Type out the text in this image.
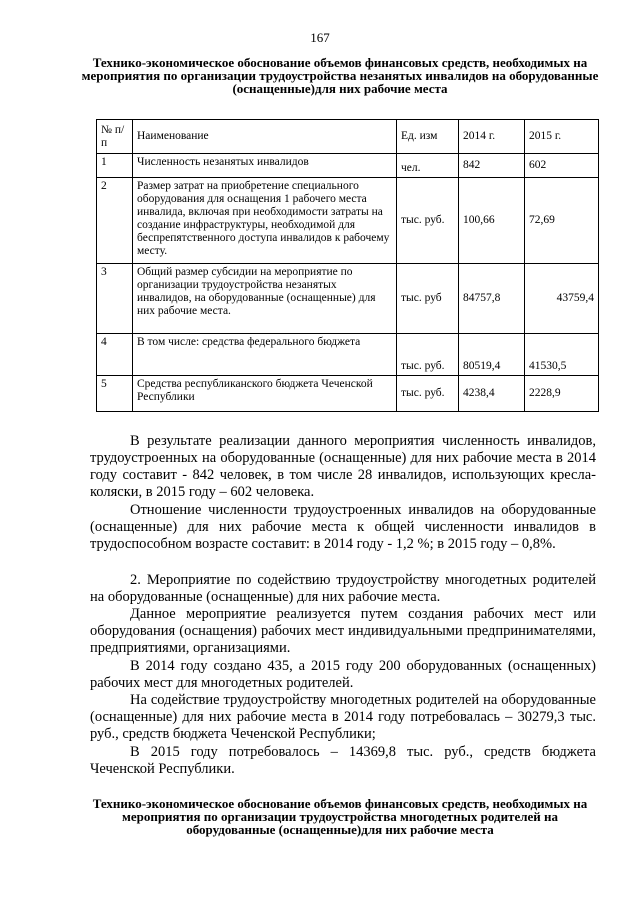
167
Технико-экономическое обоснование объемов финансовых средств, необходимых на мероприятия по организации трудоустройства незанятых инвалидов на оборудованные (оснащенные)для них рабочие места
№ п/п	Наименование	Ед. изм	2014 г.	2015 г.
1	Численность незанятых инвалидов	чел.	842	602
2	Размер затрат на приобретение специального оборудования для оснащения 1 рабочего места инвалида, включая при необходимости затраты на создание инфраструктуры, необходимой для беспрепятственного доступа инвалидов к рабочему месту.	тыс. руб.	100,66	72,69
3	Общий размер субсидии на мероприятие по организации трудоустройства незанятых инвалидов, на оборудованные (оснащенные) для них рабочие места.	тыс. руб	84757,8	43759,4
4	В том числе: средства федерального бюджета	тыс. руб.	80519,4	41530,5
5	Средства республиканского бюджета Чеченской Республики	тыс. руб.	4238,4	2228,9
В результате реализации данного мероприятия численность инвалидов, трудоустроенных на оборудованные (оснащенные) для них рабочие места в 2014 году составит - 842 человек, в том числе 28 инвалидов, использующих кресла-коляски, в 2015 году – 602 человека.
Отношение численности трудоустроенных инвалидов на оборудованные (оснащенные) для них рабочие места к общей численности инвалидов в трудоспособном возрасте составит: в 2014 году - 1,2 %; в 2015 году – 0,8%.
2. Мероприятие по содействию трудоустройству многодетных родителей на оборудованные (оснащенные) для них рабочие места.
Данное мероприятие реализуется путем создания рабочих мест или оборудования (оснащения) рабочих мест индивидуальными предпринимателями, предприятиями, организациями.
В 2014 году создано 435, а 2015 году 200 оборудованных (оснащенных) рабочих мест для многодетных родителей.
На содействие трудоустройству многодетных родителей на оборудованные (оснащенные) для них рабочие места в 2014 году потребовалась – 30279,3 тыс. руб., средств бюджета Чеченской Республики;
В 2015 году потребовалось – 14369,8 тыс. руб., средств бюджета Чеченской Республики.
Технико-экономическое обоснование объемов финансовых средств, необходимых на мероприятия по организации трудоустройства многодетных родителей на оборудованные (оснащенные)для них рабочие места
